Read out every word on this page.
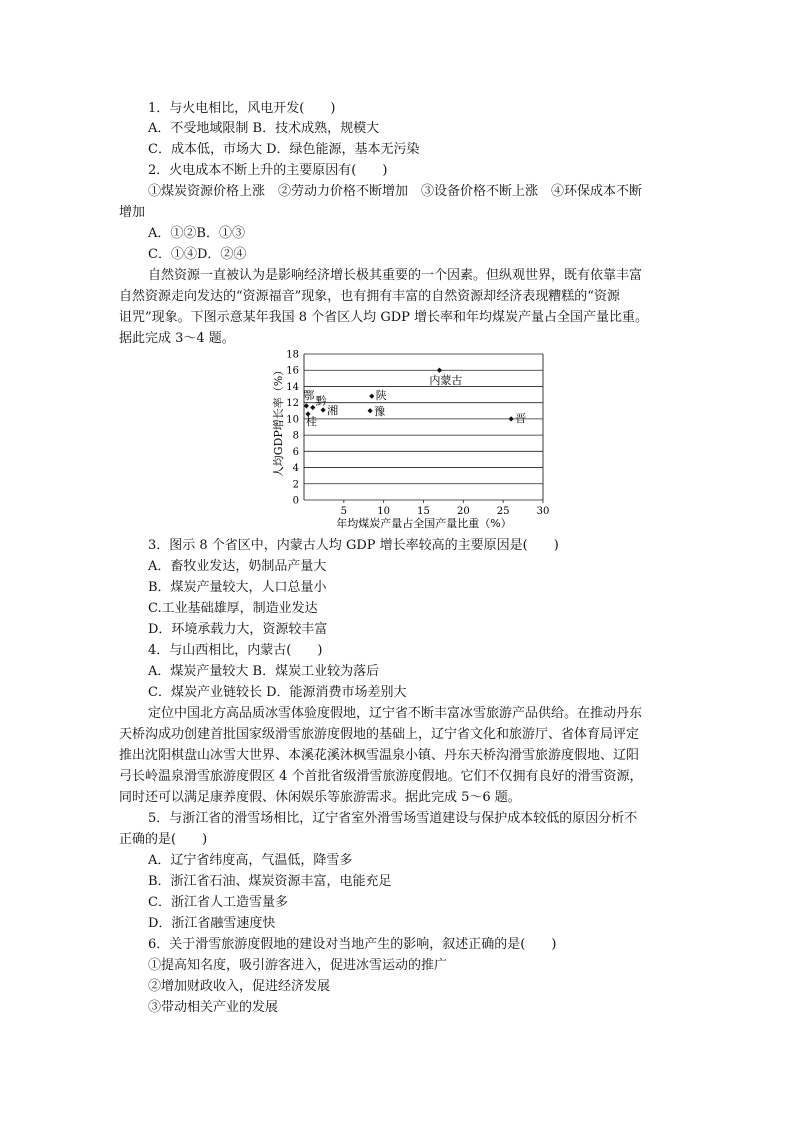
1．与火电相比，风电开发(　　)
A．不受地域限制 B．技术成熟，规模大
C．成本低，市场大 D．绿色能源，基本无污染
2．火电成本不断上升的主要原因有(　　)
①煤炭资源价格上涨　②劳动力价格不断增加　③设备价格不断上涨　④环保成本不断
增加
A．①②B．①③
C．①④D．②④
自然资源一直被认为是影响经济增长极其重要的一个因素。但纵观世界，既有依靠丰富
自然资源走向发达的“资源福音”现象，也有拥有丰富的自然资源却经济表现糟糕的“资源
诅咒”现象。下图示意某年我国 8 个省区人均 GDP 增长率和年均煤炭产量占全国产量比重。
据此完成 3～4 题。
人均GDP增长率（%）
年均煤炭产量占全国产量比重（%）
0
2
4
6
8
10
12
14
16
18
5	10	15	20	25	30
内蒙古
陕
豫
晋
鄂 黔
湘
桂
3．图示 8 个省区中，内蒙古人均 GDP 增长率较高的主要原因是(　　)
A．畜牧业发达，奶制品产量大
B．煤炭产量较大，人口总量小
C.工业基础雄厚，制造业发达
D．环境承载力大，资源较丰富
4．与山西相比，内蒙古(　　)
A．煤炭产量较大 B．煤炭工业较为落后
C．煤炭产业链较长 D．能源消费市场差别大
定位中国北方高品质冰雪体验度假地，辽宁省不断丰富冰雪旅游产品供给。在推动丹东
天桥沟成功创建首批国家级滑雪旅游度假地的基础上，辽宁省文化和旅游厅、省体育局评定
推出沈阳棋盘山冰雪大世界、本溪花溪沐枫雪温泉小镇、丹东天桥沟滑雪旅游度假地、辽阳
弓长岭温泉滑雪旅游度假区 4 个首批省级滑雪旅游度假地。它们不仅拥有良好的滑雪资源，
同时还可以满足康养度假、休闲娱乐等旅游需求。据此完成 5～6 题。
5．与浙江省的滑雪场相比，辽宁省室外滑雪场雪道建设与保护成本较低的原因分析不
正确的是(　　)
A．辽宁省纬度高，气温低，降雪多
B．浙江省石油、煤炭资源丰富，电能充足
C．浙江省人工造雪量多
D．浙江省融雪速度快
6．关于滑雪旅游度假地的建设对当地产生的影响，叙述正确的是(　　)
①提高知名度，吸引游客进入，促进冰雪运动的推广
②增加财政收入，促进经济发展
③带动相关产业的发展
